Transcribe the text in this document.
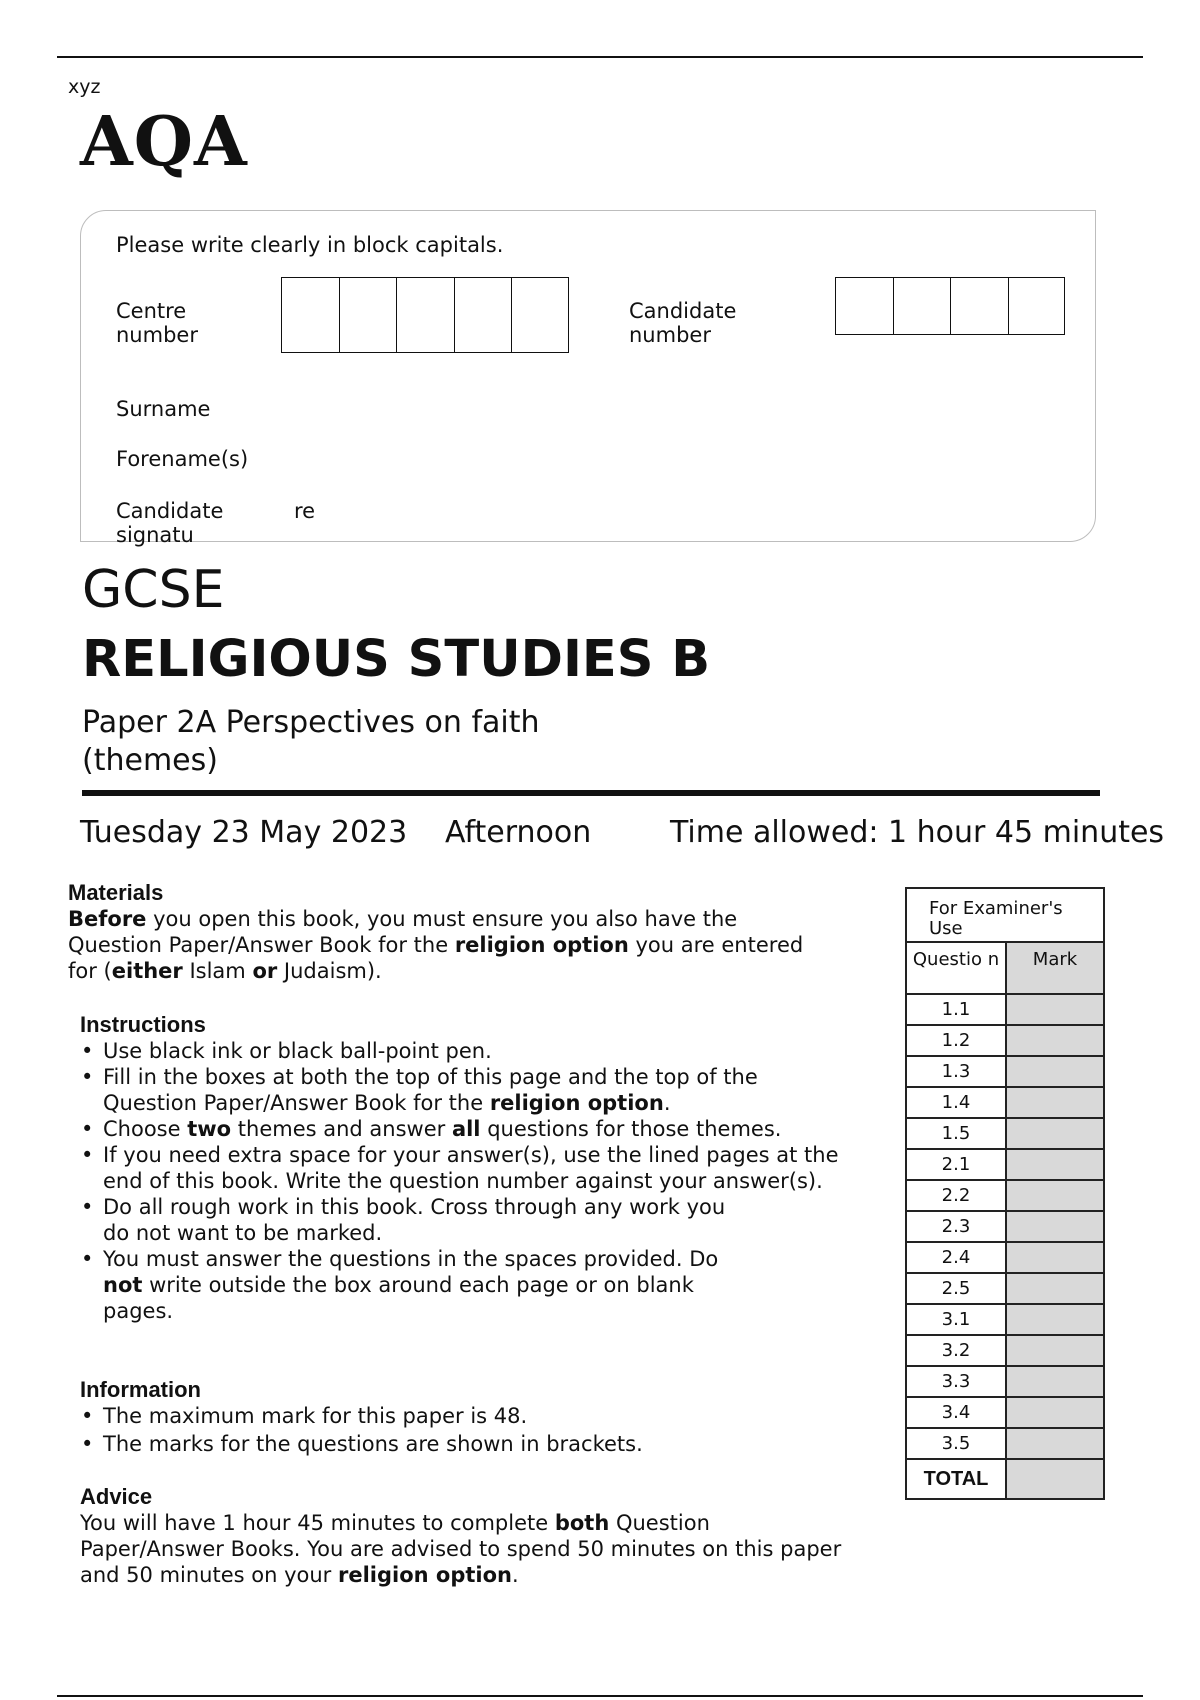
xyz
AQA
Please write clearly in block capitals.
Centre
number
Candidate
number
Surname
Forename(s)
Candidate
signatu
re
GCSE
RELIGIOUS STUDIES B
Paper 2A Perspectives on faith (themes)
Tuesday 23 May 2023 Afternoon	Time allowed: 1 hour 45 minutes
Materials
Before you open this book, you must ensure you also have the Question Paper/Answer Book for the religion option you are entered for (either Islam or Judaism).
Instructions
• Use black ink or black ball-point pen.
• Fill in the boxes at both the top of this page and the top of the Question Paper/Answer Book for the religion option.
• Choose two themes and answer all questions for those themes.
• If you need extra space for your answer(s), use the lined pages at the end of this book. Write the question number against your answer(s).
• Do all rough work in this book. Cross through any work you do not want to be marked.
• You must answer the questions in the spaces provided. Do not write outside the box around each page or on blank pages.
Information
• The maximum mark for this paper is 48.
• The marks for the questions are shown in brackets.
Advice
You will have 1 hour 45 minutes to complete both Question Paper/Answer Books. You are advised to spend 50 minutes on this paper and 50 minutes on your religion option.
For Examiner's Use	
Questio n	Mark
1.1	
1.2	
1.3	
1.4	
1.5	
2.1	
2.2	
2.3	
2.4	
2.5	
3.1	
3.2	
3.3	
3.4	
3.5	
TOTAL	
